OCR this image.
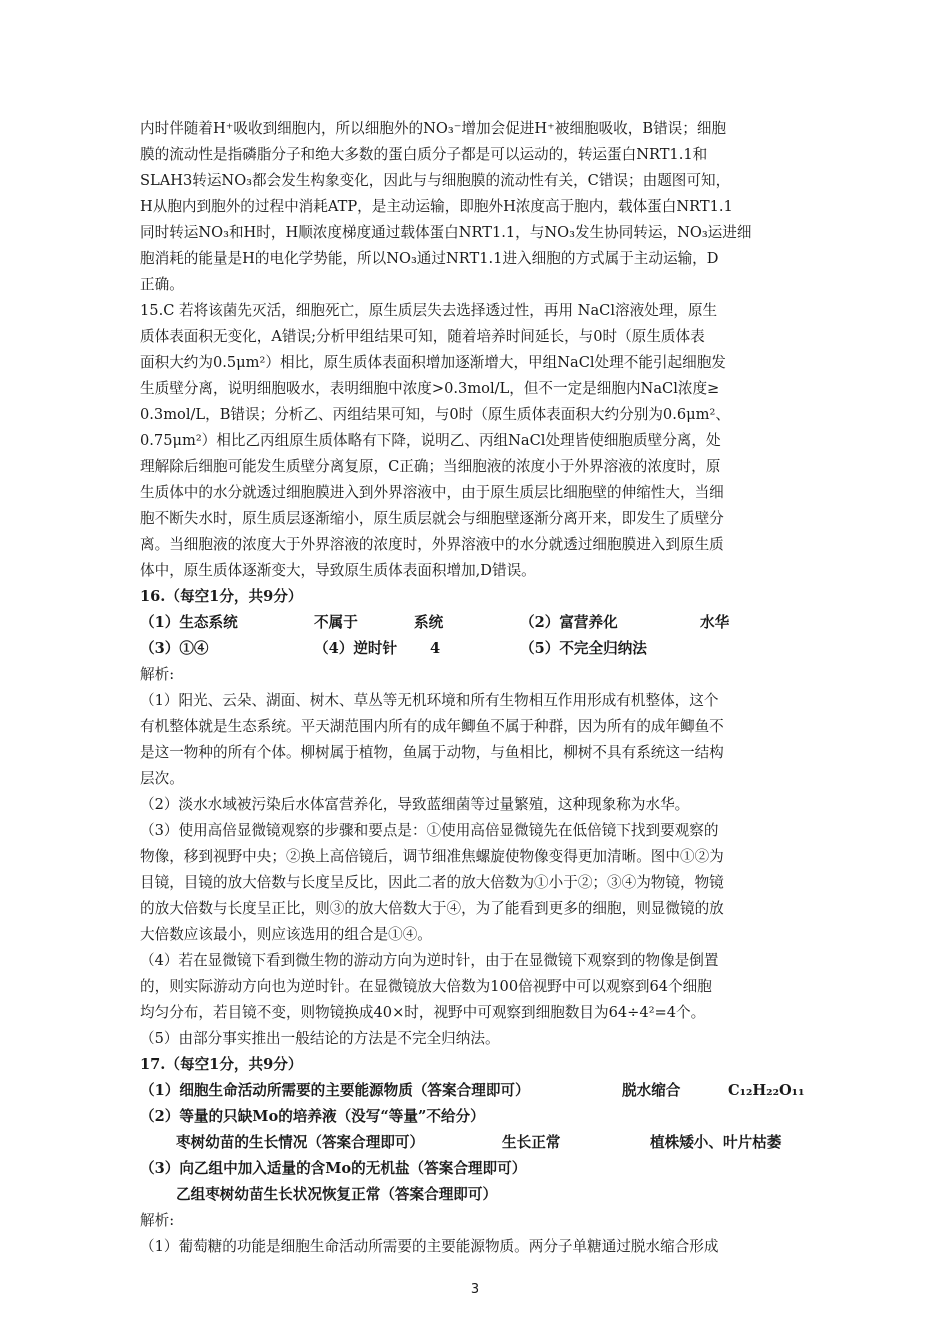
内时伴随着H⁺吸收到细胞内，所以细胞外的NO₃⁻增加会促进H⁺被细胞吸收，B错误；细胞
膜的流动性是指磷脂分子和绝大多数的蛋白质分子都是可以运动的，转运蛋白NRT1.1和
SLAH3转运NO₃都会发生构象变化，因此与与细胞膜的流动性有关，C错误；由题图可知，
H从胞内到胞外的过程中消耗ATP，是主动运输，即胞外H浓度高于胞内，载体蛋白NRT1.1
同时转运NO₃和H时，H顺浓度梯度通过载体蛋白NRT1.1，与NO₃发生协同转运，NO₃运进细
胞消耗的能量是H的电化学势能，所以NO₃通过NRT1.1进入细胞的方式属于主动运输，D
正确。
15.C 若将该菌先灭活，细胞死亡，原生质层失去选择透过性，再用 NaCl溶液处理，原生
质体表面积无变化，A错误;分析甲组结果可知，随着培养时间延长，与0时（原生质体表
面积大约为0.5μm²）相比，原生质体表面积增加逐渐增大，甲组NaCl处理不能引起细胞发
生质壁分离，说明细胞吸水，表明细胞中浓度>0.3mol/L，但不一定是细胞内NaCl浓度≥
0.3mol/L，B错误；分析乙、丙组结果可知，与0时（原生质体表面积大约分别为0.6μm²、
0.75μm²）相比乙丙组原生质体略有下降，说明乙、丙组NaCl处理皆使细胞质壁分离，处
理解除后细胞可能发生质壁分离复原，C正确；当细胞液的浓度小于外界溶液的浓度时，原
生质体中的水分就透过细胞膜进入到外界溶液中，由于原生质层比细胞壁的伸缩性大，当细
胞不断失水时，原生质层逐渐缩小，原生质层就会与细胞壁逐渐分离开来，即发生了质壁分
离。当细胞液的浓度大于外界溶液的浓度时，外界溶液中的水分就透过细胞膜进入到原生质
体中，原生质体逐渐变大，导致原生质体表面积增加,D错误。
16.（每空1分，共9分）
（1）生态系统	不属于	系统	（2）富营养化	水华
（3）①④	（4）逆时针 4	（5）不完全归纳法
解析:
（1）阳光、云朵、湖面、树木、草丛等无机环境和所有生物相互作用形成有机整体，这个
有机整体就是生态系统。平天湖范围内所有的成年鲫鱼不属于种群，因为所有的成年鲫鱼不
是这一物种的所有个体。柳树属于植物，鱼属于动物，与鱼相比，柳树不具有系统这一结构
层次。
（2）淡水水域被污染后水体富营养化，导致蓝细菌等过量繁殖，这种现象称为水华。
（3）使用高倍显微镜观察的步骤和要点是：①使用高倍显微镜先在低倍镜下找到要观察的
物像，移到视野中央；②换上高倍镜后，调节细准焦螺旋使物像变得更加清晰。图中①②为
目镜，目镜的放大倍数与长度呈反比，因此二者的放大倍数为①小于②；③④为物镜，物镜
的放大倍数与长度呈正比，则③的放大倍数大于④，为了能看到更多的细胞，则显微镜的放
大倍数应该最小，则应该选用的组合是①④。
（4）若在显微镜下看到微生物的游动方向为逆时针，由于在显微镜下观察到的物像是倒置
的，则实际游动方向也为逆时针。在显微镜放大倍数为100倍视野中可以观察到64个细胞
均匀分布，若目镜不变，则物镜换成40×时，视野中可观察到细胞数目为64÷4²=4个。
（5）由部分事实推出一般结论的方法是不完全归纳法。
17.（每空1分，共9分）
（1）细胞生命活动所需要的主要能源物质（答案合理即可）	脱水缩合	C₁₂H₂₂O₁₁
（2）等量的只缺Mo的培养液（没写“等量”不给分）
枣树幼苗的生长情况（答案合理即可）	生长正常	植株矮小、叶片枯萎
（3）向乙组中加入适量的含Mo的无机盐（答案合理即可）
乙组枣树幼苗生长状况恢复正常（答案合理即可）
解析:
（1）葡萄糖的功能是细胞生命活动所需要的主要能源物质。两分子单糖通过脱水缩合形成
3
